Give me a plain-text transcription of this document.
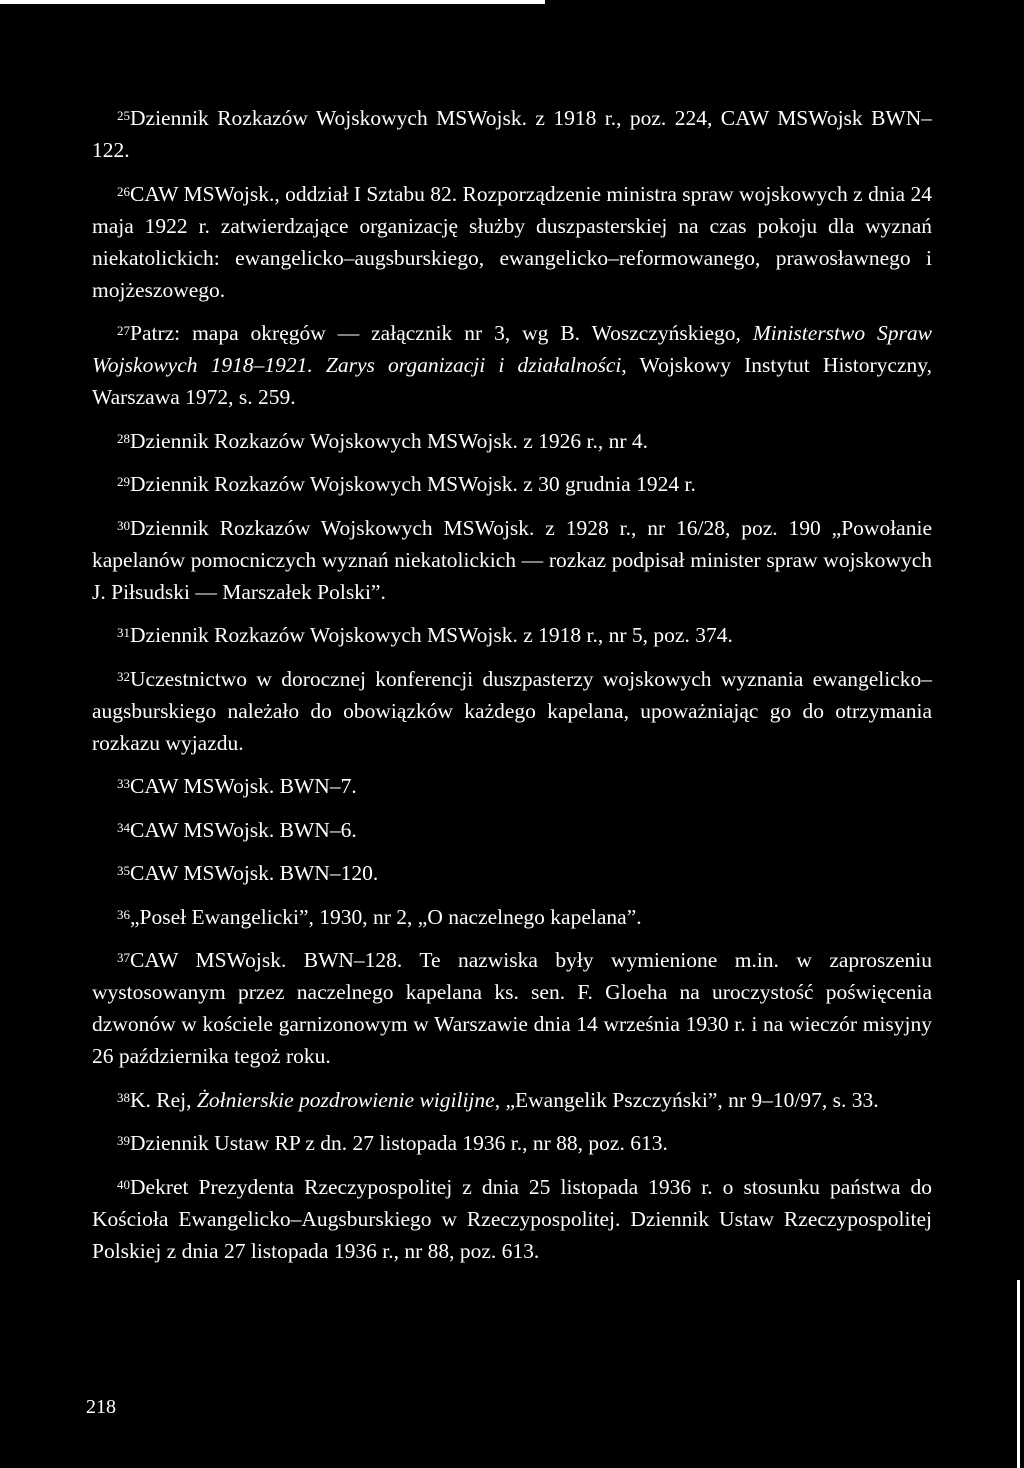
$^{25}$Dziennik Rozkazów Wojskowych MSWojsk. z 1918 r., poz. 224, CAW MSWojsk BWN–122.

$^{26}$CAW MSWojsk., oddział I Sztabu 82. Rozporządzenie ministra spraw wojskowych z dnia 24 maja 1922 r. zatwierdzające organizację służby duszpasterskiej na czas pokoju dla wyznań niekatolickich: ewangelicko–augsburskiego, ewangelicko–reformowanego, prawosławnego i mojżeszowego.

$^{27}$Patrz: mapa okręgów — załącznik nr 3, wg B. Woszczyńskiego, Ministerstwo Spraw Wojskowych 1918–1921. Zarys organizacji i działalności, Wojskowy Instytut Historyczny, Warszawa 1972, s. 259.

$^{28}$Dziennik Rozkazów Wojskowych MSWojsk. z 1926 r., nr 4.

$^{29}$Dziennik Rozkazów Wojskowych MSWojsk. z 30 grudnia 1924 r.

$^{30}$Dziennik Rozkazów Wojskowych MSWojsk. z 1928 r., nr 16/28, poz. 190 „Powołanie kapelanów pomocniczych wyznań niekatolickich — rozkaz podpisał minister spraw wojskowych J. Piłsudski — Marszałek Polski”.

$^{31}$Dziennik Rozkazów Wojskowych MSWojsk. z 1918 r., nr 5, poz. 374.

$^{32}$Uczestnictwo w dorocznej konferencji duszpasterzy wojskowych wyznania ewangelicko–augsburskiego należało do obowiązków każdego kapelana, upoważniając go do otrzymania rozkazu wyjazdu.

$^{33}$CAW MSWojsk. BWN–7.

$^{34}$CAW MSWojsk. BWN–6.

$^{35}$CAW MSWojsk. BWN–120.

$^{36}$„Poseł Ewangelicki”, 1930, nr 2, „O naczelnego kapelana”.

$^{37}$CAW MSWojsk. BWN–128. Te nazwiska były wymienione m.in. w zaproszeniu wystosowanym przez naczelnego kapelana ks. sen. F. Gloeha na uroczystość poświęcenia dzwonów w kościele garnizonowym w Warszawie dnia 14 września 1930 r. i na wieczór misyjny 26 października tegoż roku.

$^{38}$K. Rej, Żołnierskie pozdrowienie wigilijne, „Ewangelik Pszczyński”, nr 9–10/97, s. 33.

$^{39}$Dziennik Ustaw RP z dn. 27 listopada 1936 r., nr 88, poz. 613.

$^{40}$Dekret Prezydenta Rzeczypospolitej z dnia 25 listopada 1936 r. o stosunku państwa do Kościoła Ewangelicko–Augsburskiego w Rzeczypospolitej. Dziennik Ustaw Rzeczypospolitej Polskiej z dnia 27 listopada 1936 r., nr 88, poz. 613.

218
